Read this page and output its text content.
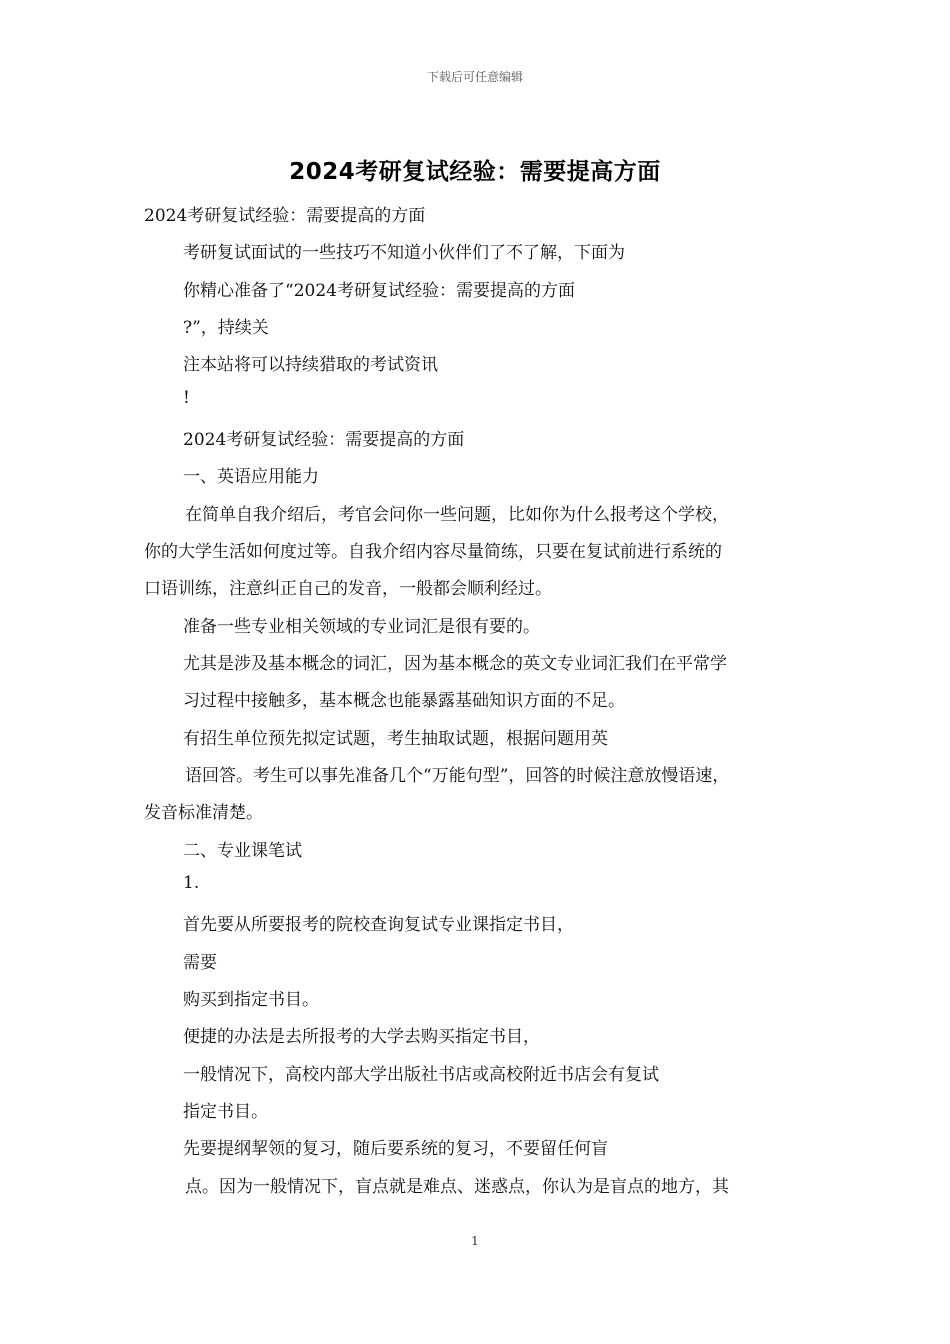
下载后可任意编辑
2024考研复试经验：需要提高方面
2024考研复试经验：需要提高的方面
考研复试面试的一些技巧不知道小伙伴们了不了解，下面为
你精心准备了“2024考研复试经验：需要提高的方面
?”，持续关
注本站将可以持续猎取的考试资讯
!
2024考研复试经验：需要提高的方面
一、英语应用能力
在简单自我介绍后，考官会问你一些问题，比如你为什么报考这个学校，
你的大学生活如何度过等。自我介绍内容尽量简练，只要在复试前进行系统的
口语训练，注意纠正自己的发音，一般都会顺利经过。
准备一些专业相关领域的专业词汇是很有要的。
尤其是涉及基本概念的词汇，因为基本概念的英文专业词汇我们在平常学
习过程中接触多，基本概念也能暴露基础知识方面的不足。
有招生单位预先拟定试题，考生抽取试题，根据问题用英
语回答。考生可以事先准备几个“万能句型”，回答的时候注意放慢语速，
发音标准清楚。
二、专业课笔试
1.
首先要从所要报考的院校查询复试专业课指定书目，
需要
购买到指定书目。
便捷的办法是去所报考的大学去购买指定书目，
一般情况下，高校内部大学出版社书店或高校附近书店会有复试
指定书目。
先要提纲挈领的复习，随后要系统的复习，不要留任何盲
点。因为一般情况下，盲点就是难点、迷惑点，你认为是盲点的地方，其
1
